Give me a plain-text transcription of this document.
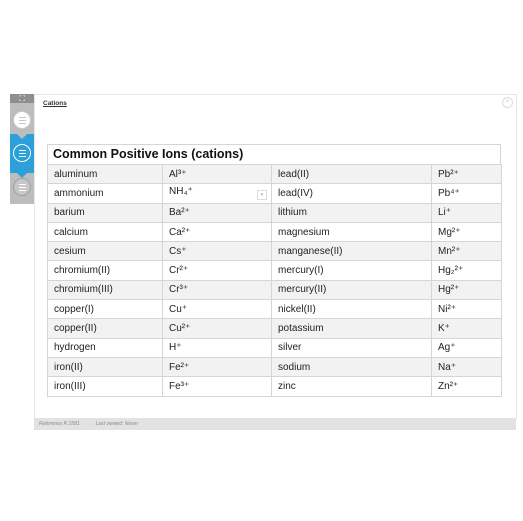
⛶
Cations	×
Common Positive Ions (cations)
aluminum	Al³⁺	lead(II)	Pb²⁺
ammonium	NH₄⁺ ▾	lead(IV)	Pb⁴⁺
barium	Ba²⁺	lithium	Li⁺
calcium	Ca²⁺	magnesium	Mg²⁺
cesium	Cs⁺	manganese(II)	Mn²⁺
chromium(II)	Cr²⁺	mercury(I)	Hg₂²⁺
chromium(III)	Cr³⁺	mercury(II)	Hg²⁺
copper(I)	Cu⁺	nickel(II)	Ni²⁺
copper(II)	Cu²⁺	potassium	K⁺
hydrogen	H⁺	silver	Ag⁺
iron(II)	Fe²⁺	sodium	Na⁺
iron(III)	Fe³⁺	zinc	Zn²⁺
Reference R.1581	Last viewed: Never
